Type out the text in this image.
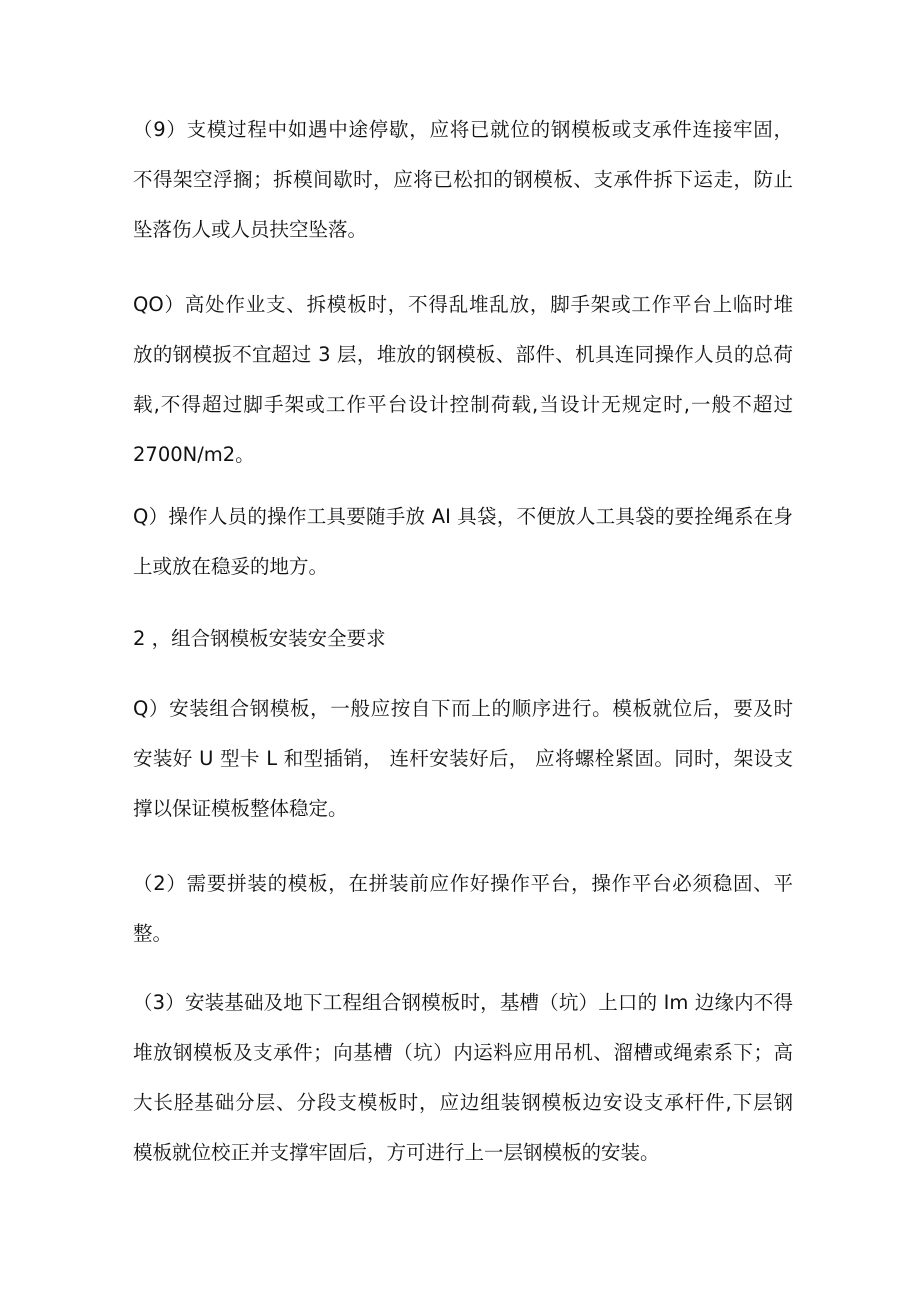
（9）支模过程中如遇中途停歇，应将已就位的钢模板或支承件连接牢固，
不得架空浮搁；拆模间歇时，应将已松扣的钢模板、支承件拆下运走，防止
坠落伤人或人员扶空坠落。
QO）高处作业支、拆模板时，不得乱堆乱放，脚手架或工作平台上临时堆
放的钢模扳不宜超过 3 层，堆放的钢模板、部件、机具连同操作人员的总荷
载,不得超过脚手架或工作平台设计控制荷载,当设计无规定时,一般不超过
2700N/m2。
Q）操作人员的操作工具要随手放 AI 具袋，不便放人工具袋的要拴绳系在身
上或放在稳妥的地方。
2 ，组合钢模板安装安全要求
Q）安装组合钢模板，一般应按自下而上的顺序进行。模板就位后，要及时
安装好 U 型卡 L 和型插销， 连杆安装好后， 应将螺栓紧固。同时，架设支
撑以保证模板整体稳定。
（2）需要拼装的模板，在拼装前应作好操作平台，操作平台必须稳固、平
整。
（3）安装基础及地下工程组合钢模板时，基槽（坑）上口的 Im 边缘内不得
堆放钢模板及支承件；向基槽（坑）内运料应用吊机、溜槽或绳索系下；高
大长胫基础分层、分段支模板时，应边组装钢模板边安设支承杆件,下层钢
模板就位校正并支撑牢固后，方可进行上一层钢模板的安装。
